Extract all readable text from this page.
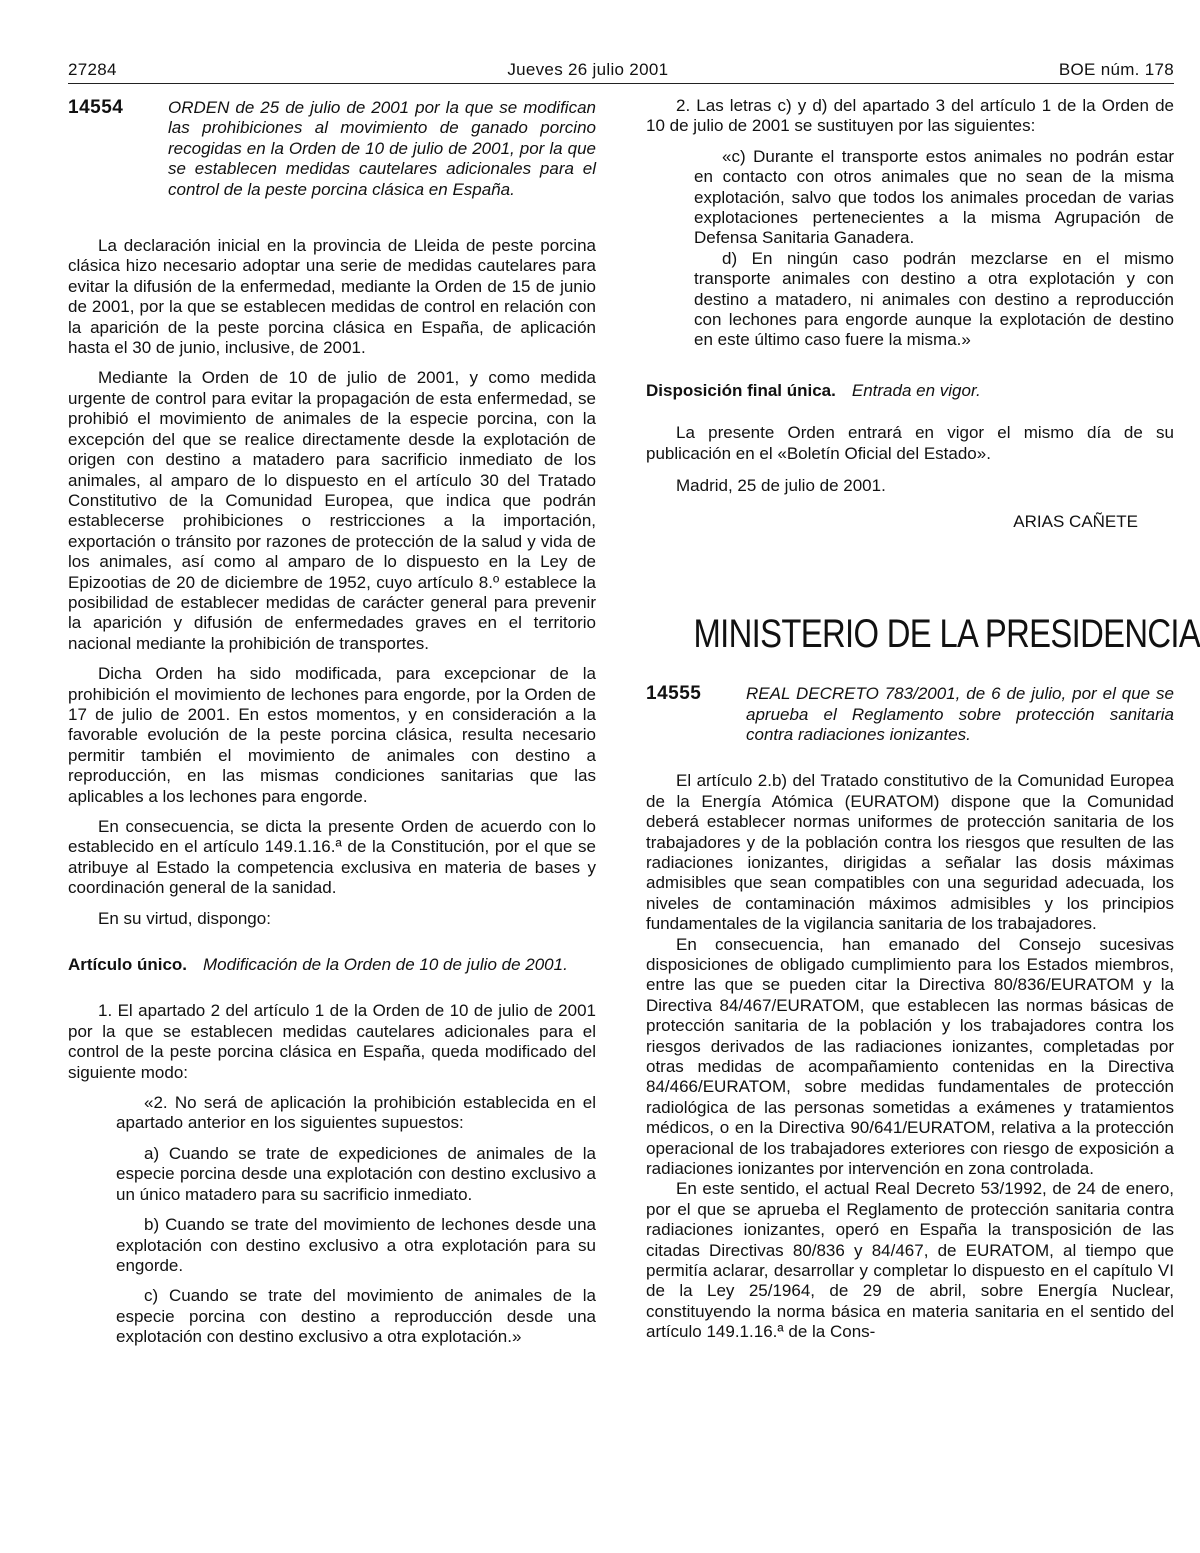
27284	Jueves 26 julio 2001	BOE núm. 178
14554	ORDEN de 25 de julio de 2001 por la que se modifican las prohibiciones al movimiento de ganado porcino recogidas en la Orden de 10 de julio de 2001, por la que se establecen medidas cautelares adicionales para el control de la peste porcina clásica en España.

La declaración inicial en la provincia de Lleida de peste porcina clásica hizo necesario adoptar una serie de medidas cautelares para evitar la difusión de la enfermedad, mediante la Orden de 15 de junio de 2001, por la que se establecen medidas de control en relación con la aparición de la peste porcina clásica en España, de aplicación hasta el 30 de junio, inclusive, de 2001.

Mediante la Orden de 10 de julio de 2001, y como medida urgente de control para evitar la propagación de esta enfermedad, se prohibió el movimiento de animales de la especie porcina, con la excepción del que se realice directamente desde la explotación de origen con destino a matadero para sacrificio inmediato de los animales, al amparo de lo dispuesto en el artículo 30 del Tratado Constitutivo de la Comunidad Europea, que indica que podrán establecerse prohibiciones o restricciones a la importación, exportación o tránsito por razones de protección de la salud y vida de los animales, así como al amparo de lo dispuesto en la Ley de Epizootias de 20 de diciembre de 1952, cuyo artículo 8.º establece la posibilidad de establecer medidas de carácter general para prevenir la aparición y difusión de enfermedades graves en el territorio nacional mediante la prohibición de transportes.

Dicha Orden ha sido modificada, para excepcionar de la prohibición el movimiento de lechones para engorde, por la Orden de 17 de julio de 2001. En estos momentos, y en consideración a la favorable evolución de la peste porcina clásica, resulta necesario permitir también el movimiento de animales con destino a reproducción, en las mismas condiciones sanitarias que las aplicables a los lechones para engorde.

En consecuencia, se dicta la presente Orden de acuerdo con lo establecido en el artículo 149.1.16.ª de la Constitución, por el que se atribuye al Estado la competencia exclusiva en materia de bases y coordinación general de la sanidad.

En su virtud, dispongo:

Artículo único. Modificación de la Orden de 10 de julio de 2001.

1. El apartado 2 del artículo 1 de la Orden de 10 de julio de 2001 por la que se establecen medidas cautelares adicionales para el control de la peste porcina clásica en España, queda modificado del siguiente modo:

«2. No será de aplicación la prohibición establecida en el apartado anterior en los siguientes supuestos:

a) Cuando se trate de expediciones de animales de la especie porcina desde una explotación con destino exclusivo a un único matadero para su sacrificio inmediato.

b) Cuando se trate del movimiento de lechones desde una explotación con destino exclusivo a otra explotación para su engorde.

c) Cuando se trate del movimiento de animales de la especie porcina con destino a reproducción desde una explotación con destino exclusivo a otra explotación.»

2. Las letras c) y d) del apartado 3 del artículo 1 de la Orden de 10 de julio de 2001 se sustituyen por las siguientes:

«c) Durante el transporte estos animales no podrán estar en contacto con otros animales que no sean de la misma explotación, salvo que todos los animales procedan de varias explotaciones pertenecientes a la misma Agrupación de Defensa Sanitaria Ganadera.

d) En ningún caso podrán mezclarse en el mismo transporte animales con destino a otra explotación y con destino a matadero, ni animales con destino a reproducción con lechones para engorde aunque la explotación de destino en este último caso fuere la misma.»

Disposición final única. Entrada en vigor.

La presente Orden entrará en vigor el mismo día de su publicación en el «Boletín Oficial del Estado».

Madrid, 25 de julio de 2001.
ARIAS CAÑETE
MINISTERIO DE LA PRESIDENCIA
14555	REAL DECRETO 783/2001, de 6 de julio, por el que se aprueba el Reglamento sobre protección sanitaria contra radiaciones ionizantes.

El artículo 2.b) del Tratado constitutivo de la Comunidad Europea de la Energía Atómica (EURATOM) dispone que la Comunidad deberá establecer normas uniformes de protección sanitaria de los trabajadores y de la población contra los riesgos que resulten de las radiaciones ionizantes, dirigidas a señalar las dosis máximas admisibles que sean compatibles con una seguridad adecuada, los niveles de contaminación máximos admisibles y los principios fundamentales de la vigilancia sanitaria de los trabajadores.

En consecuencia, han emanado del Consejo sucesivas disposiciones de obligado cumplimiento para los Estados miembros, entre las que se pueden citar la Directiva 80/836/EURATOM y la Directiva 84/467/EURATOM, que establecen las normas básicas de protección sanitaria de la población y los trabajadores contra los riesgos derivados de las radiaciones ionizantes, completadas por otras medidas de acompañamiento contenidas en la Directiva 84/466/EURATOM, sobre medidas fundamentales de protección radiológica de las personas sometidas a exámenes y tratamientos médicos, o en la Directiva 90/641/EURATOM, relativa a la protección operacional de los trabajadores exteriores con riesgo de exposición a radiaciones ionizantes por intervención en zona controlada.

En este sentido, el actual Real Decreto 53/1992, de 24 de enero, por el que se aprueba el Reglamento de protección sanitaria contra radiaciones ionizantes, operó en España la transposición de las citadas Directivas 80/836 y 84/467, de EURATOM, al tiempo que permitía aclarar, desarrollar y completar lo dispuesto en el capítulo VI de la Ley 25/1964, de 29 de abril, sobre Energía Nuclear, constituyendo la norma básica en materia sanitaria en el sentido del artículo 149.1.16.ª de la Cons-
